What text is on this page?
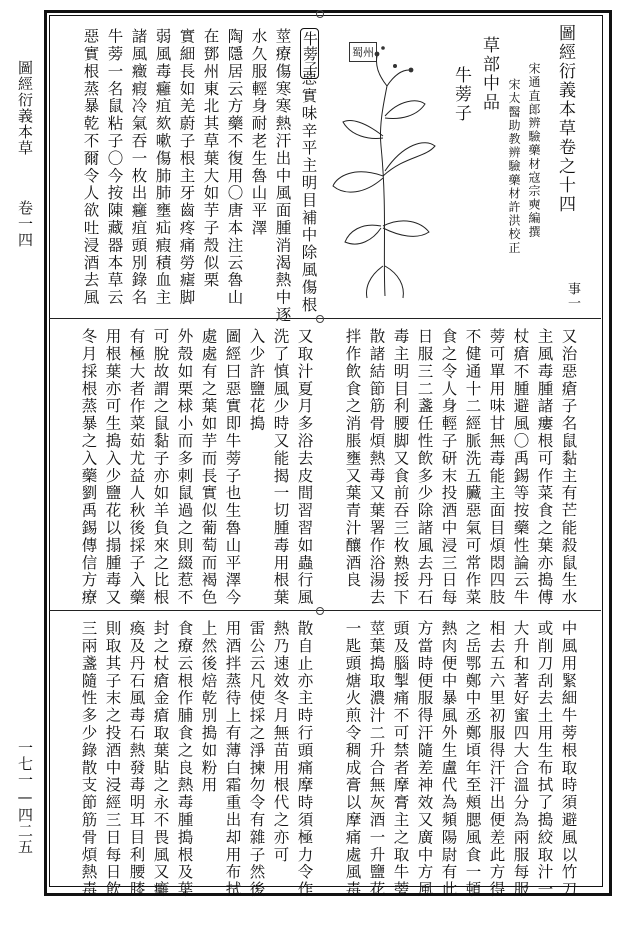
圖經衍義本草
卷一四
一七一—四二五
事一
圖經衍義本草卷之十四
宋通直郎辨驗藥材寇宗奭編撰
宋太醫助教辨驗藥材許洪校正
草部中品
牛蒡子
蜀州
牛蒡子
惡實味辛平主明目補中除風傷根
莖療傷寒寒熱汗出中風面腫消渴熱中逐
水久服輕身耐老生魯山平澤
陶隱居云方藥不復用〇唐本注云魯山
在鄧州東北其草葉大如芋子殼似栗
實細長如羌蔚子根主牙齒疼痛勞瘧脚
弱風毒癰疽欬嗽傷肺肺壅疝瘕積血主
諸風癥瘕冷氣吞一枚出癰疽頭別錄名
牛蒡一名鼠粘子〇今按陳藏器本草云
惡實根蒸暴乾不爾令人欲吐浸酒去風
又治惡瘡子名鼠黏主有芒能殺鼠生水
主風毒腫諸瘻根可作菜食之葉亦搗傅
杖瘡不腫避風〇禹錫等按藥性論云牛
蒡可單用味甘無毒能主面目煩悶四肢
不健通十二經脈洗五臟惡氣可常作菜
食之令人身輕子研末投酒中浸三日每
日服三二盞任性飲多少除諸風去丹石
毒主明目利腰脚又食前吞三枚熟挼下
散諸結節筋骨煩熱毒又葉署作浴湯去
拌作飲食之消脹壅又葉青汁釀酒良
又取汁夏月多浴去皮間習習如蟲行風
洗了慎風少時又能揭一切腫毒用根葉
入少許鹽花搗
圖經曰惡實即牛蒡子也生魯山平澤今
處處有之葉如芋而長實似葡萄而褐色
外殼如栗梂小而多刺鼠過之則綴惹不
可脫故謂之鼠黏子亦如羊負來之比根
有極大者作菜茹尤益人秋後採子入藥
用根葉亦可生搗入少鹽花以搨腫毒又
冬月採根蒸暴之入藥劉禹錫傳信方療
中風用緊細牛蒡根取時須避風以竹刀
或削刀刮去土用生布拭了搗絞取汁一
大升和著好蜜四大合溫分為兩服每服
相去五六里初服得汗汗出便差此方得
之岳鄂鄭中丞鄭頃年至頰腮風食一頓
熱肉便中暴風外生盧代為頻陽尉有此
方當時便服得汗隨差神效又廣中方風
頭及腦掣痛不可禁者摩膏主之取牛蒡
莖葉搗取濃汁二升合無灰酒一升鹽花
一匙頭煻火煎令稠成膏以摩痛處風毒
散自止亦主時行頭痛摩時須極力令作
熱乃速效冬月無苗用根代之亦可
雷公云凡使採之淨揀勿令有雜子然後
用酒拌蒸待上有薄白霜重出却用布拭
上然後焙乾別搗如粉用
食療云根作脯食之良熱毒腫搗根及葉
封之杖瘡金瘡取葉貼之永不畏風又癱
瘓及丹石風毒石熱發毒明耳目利腰膝
則取其子末之投酒中浸經三日每日飲
三兩盞隨性多少錄散支節筋骨煩熱毒
